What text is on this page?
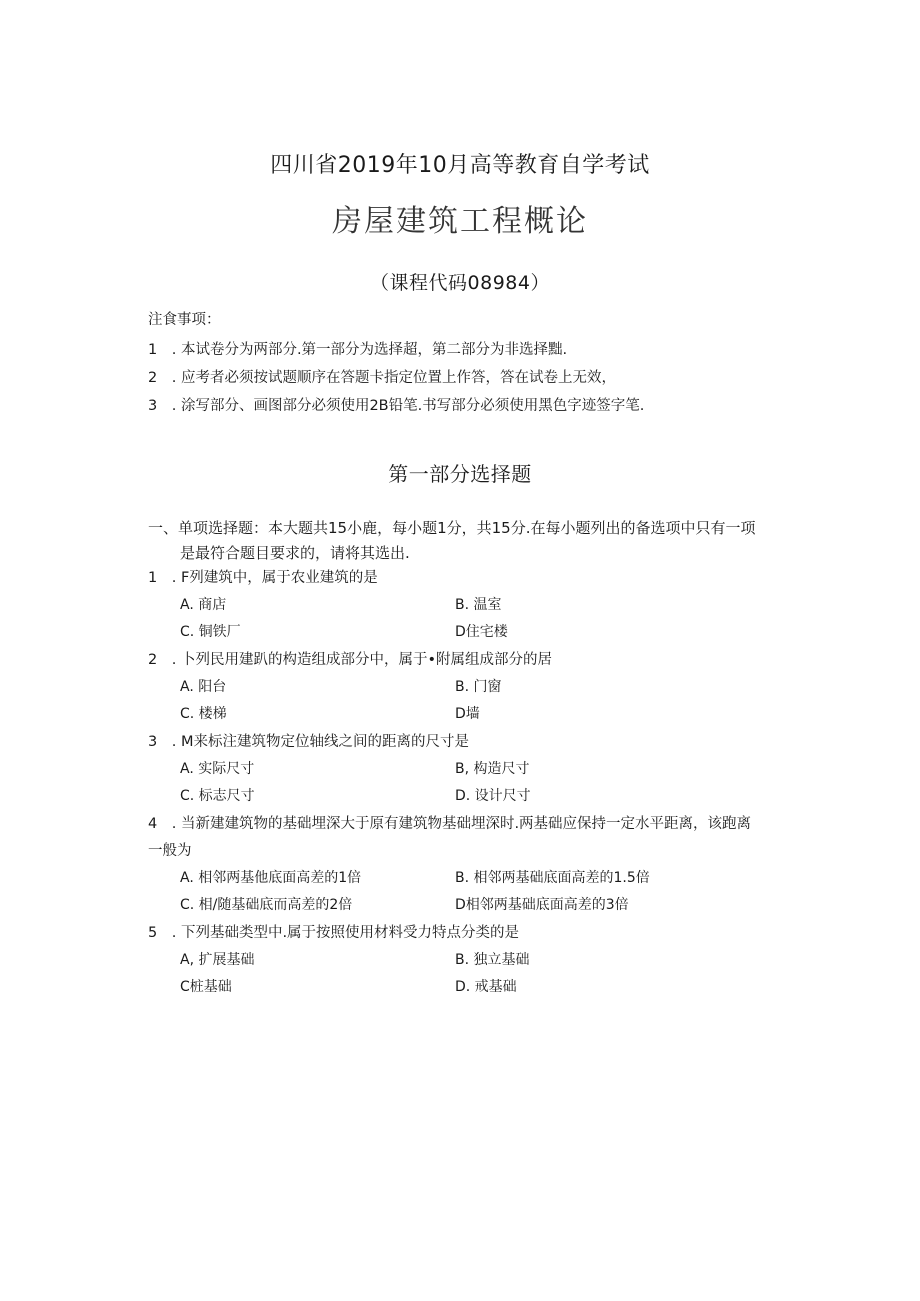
四川省2019年10月高等教育自学考试
房屋建筑工程概论
（课程代码08984）
注食事项：
1　. 本试卷分为两部分.第一部分为选择超，第二部分为非选择黜.
2　. 应考者必须按试题顺序在答题卡指定位置上作答，答在试卷上无效，
3　. 涂写部分、画图部分必须使用2B铅笔.书写部分必须使用黑色字迹签字笔.
第一部分选择题
一、单项选择题：本大题共15小鹿，每小题1分，共15分.在每小题列出的备选项中只有一项
是最符合题目要求的，请将其选出.
1　. F列建筑中，属于农业建筑的是
A. 商店	B. 温室
C. 铜铁厂	D住宅楼
2　. 卜列民用建趴的构造组成部分中，属于•附属组成部分的居
A. 阳台	B. 门窗
C. 楼梯	D墙
3　. M来标注建筑物定位轴线之间的距离的尺寸是
A. 实际尺寸	B, 构造尺寸
C. 标志尺寸	D. 设计尺寸
4　. 当新建建筑物的基础埋深大于原有建筑物基础埋深时.两基础应保持一定水平距离，该跑离
一般为
A. 相邻两基他底面高差的1倍	B. 相邻两基础底面高差的1.5倍
C. 相/随基础底而高差的2倍	D相邻两基础底面高差的3倍
5　. 下列基础类型中.属于按照使用材料受力特点分类的是
A, 扩展基础	B. 独立基础
C桩基础	D. 戒基础
